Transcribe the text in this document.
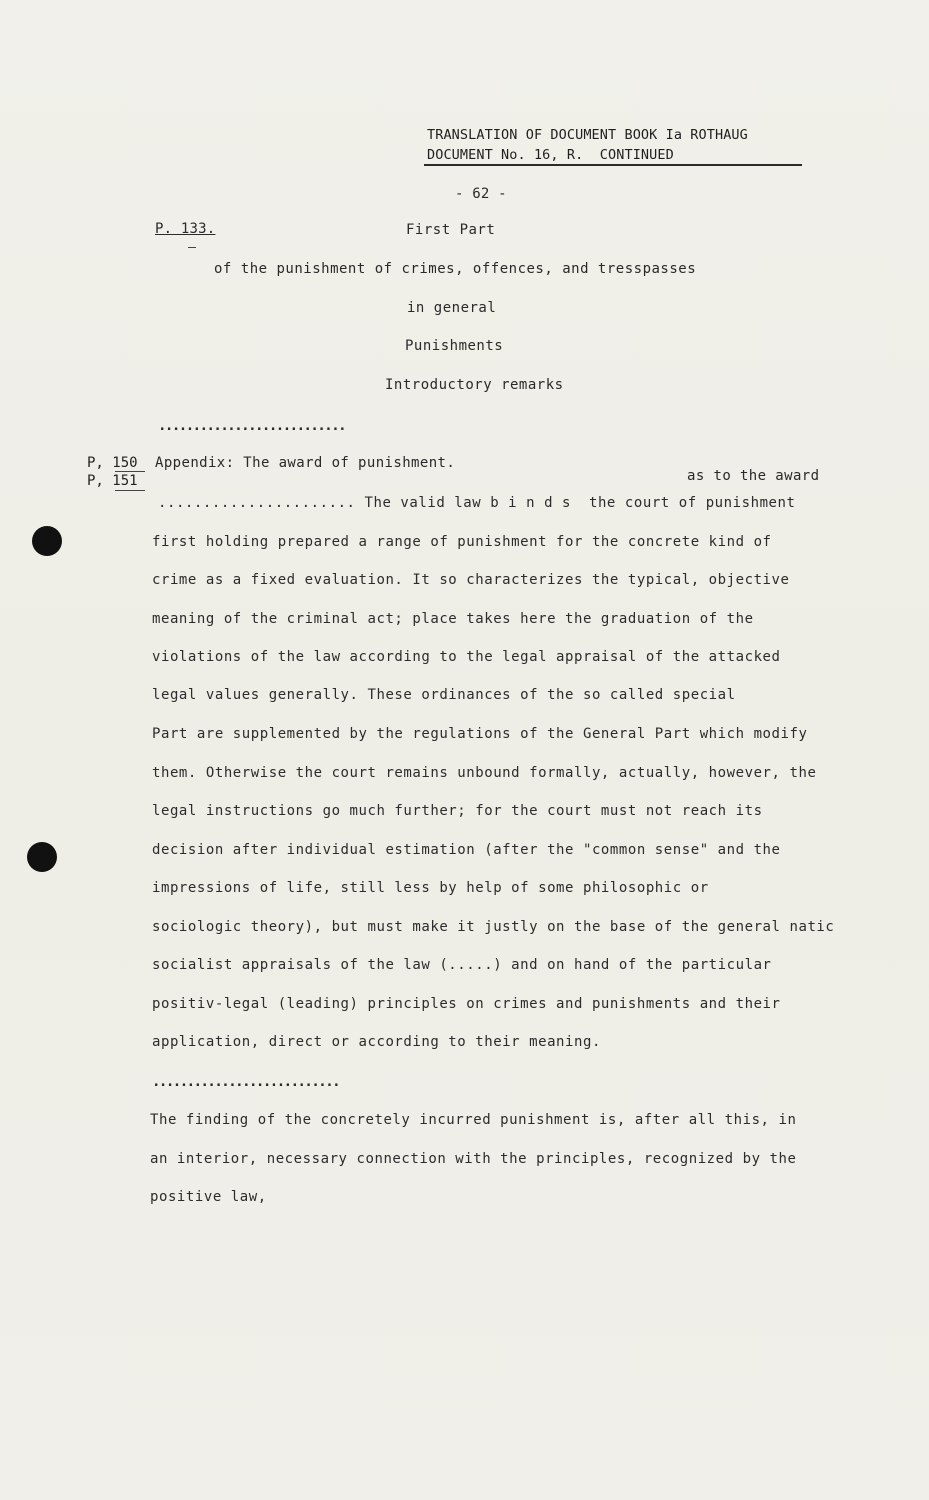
TRANSLATION OF DOCUMENT BOOK Ia ROTHAUG
DOCUMENT No. 16, R.  CONTINUED
- 62 -
P. 133.	First Part
of the punishment of crimes, offences, and tresspasses
in general
Punishments
Introductory remarks
...........................
P, 150
P, 151
Appendix: The award of punishment.
as to the award
...................... The valid law b i n d s  the court of punishment
first holding prepared a range of punishment for the concrete kind of
crime as a fixed evaluation. It so characterizes the typical, objective
meaning of the criminal act; place takes here the graduation of the
violations of the law according to the legal appraisal of the attacked
legal values generally. These ordinances of the so called special
Part are supplemented by the regulations of the General Part which modify
them. Otherwise the court remains unbound formally, actually, however, the
legal instructions go much further; for the court must not reach its
decision after individual estimation (after the "common sense" and the
impressions of life, still less by help of some philosophic or
sociologic theory), but must make it justly on the base of the general natic
socialist appraisals of the law (.....) and on hand of the particular
positiv-legal (leading) principles on crimes and punishments and their
application, direct or according to their meaning.
...........................
The finding of the concretely incurred punishment is, after all this, in
an interior, necessary connection with the principles, recognized by the
positive law,
